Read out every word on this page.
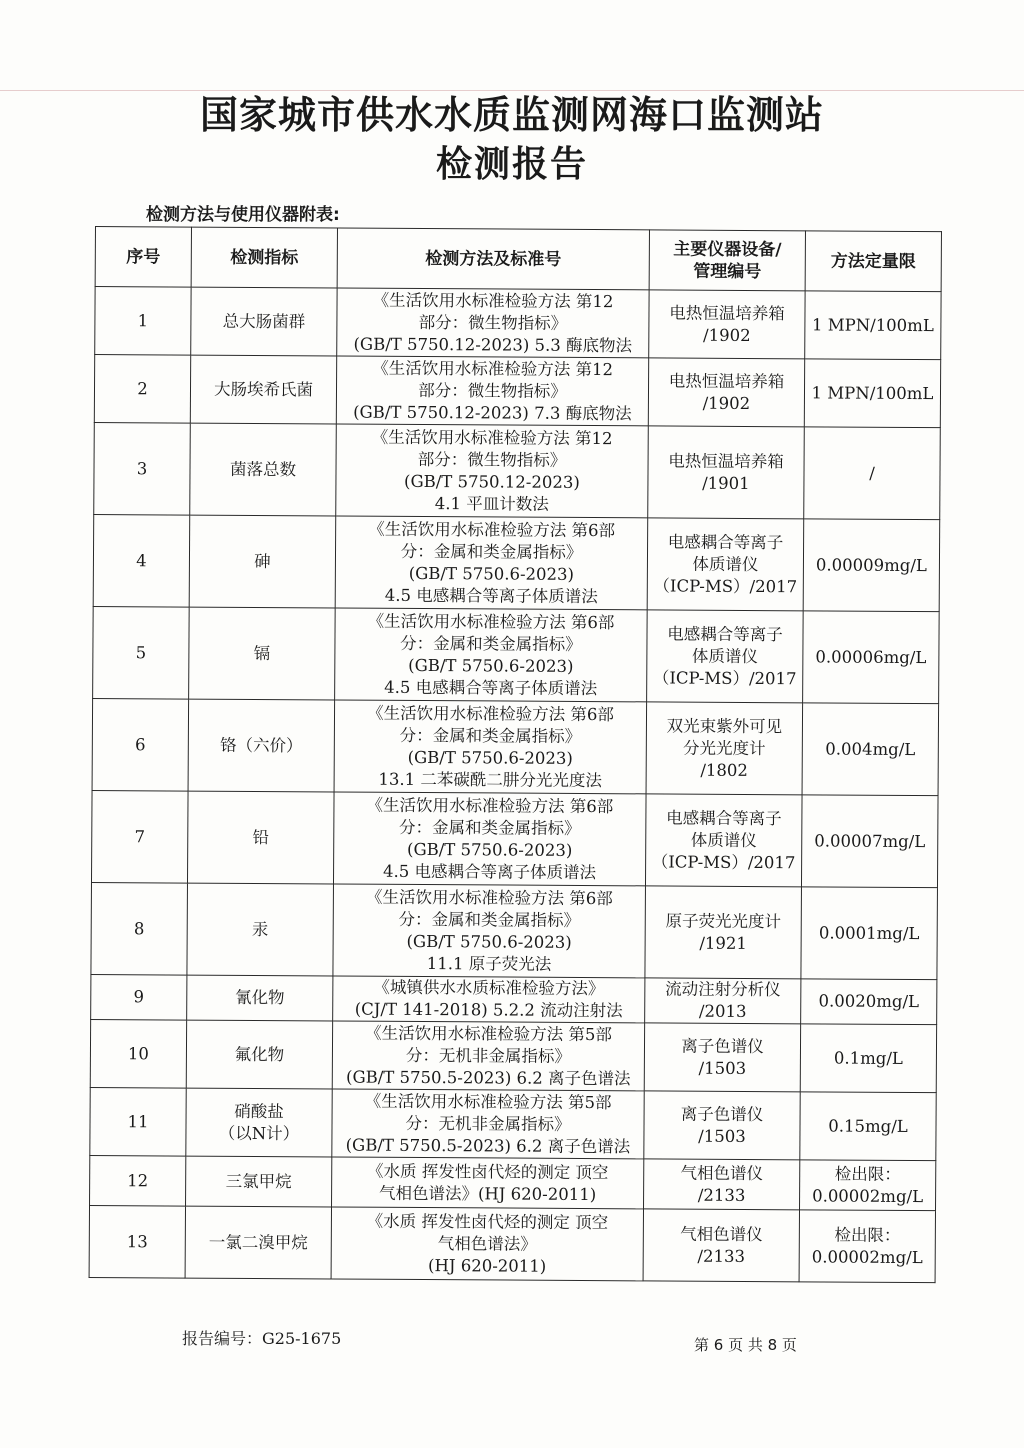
国家城市供水水质监测网海口监测站
检测报告
检测方法与使用仪器附表:
序号	检测指标	检测方法及标准号	主要仪器设备/
管理编号	方法定量限
1	总大肠菌群	《生活饮用水标准检验方法 第12
部分：微生物指标》
(GB/T 5750.12-2023) 5.3 酶底物法	电热恒温培养箱
/1902	1 MPN/100mL

2	大肠埃希氏菌	《生活饮用水标准检验方法 第12
部分：微生物指标》
(GB/T 5750.12-2023) 7.3 酶底物法	电热恒温培养箱
/1902	1 MPN/100mL

3	菌落总数	《生活饮用水标准检验方法 第12
部分：微生物指标》
(GB/T 5750.12-2023)
4.1 平皿计数法	电热恒温培养箱
/1901	/

4	砷	《生活饮用水标准检验方法 第6部
分：金属和类金属指标》
(GB/T 5750.6-2023)
4.5 电感耦合等离子体质谱法	电感耦合等离子
体质谱仪
（ICP-MS）/2017	0.00009mg/L

5	镉	《生活饮用水标准检验方法 第6部
分：金属和类金属指标》
(GB/T 5750.6-2023)
4.5 电感耦合等离子体质谱法	电感耦合等离子
体质谱仪
（ICP-MS）/2017	0.00006mg/L

6	铬（六价）	《生活饮用水标准检验方法 第6部
分：金属和类金属指标》
(GB/T 5750.6-2023)
13.1 二苯碳酰二肼分光光度法	双光束紫外可见
分光光度计
/1802	0.004mg/L

7	铅	《生活饮用水标准检验方法 第6部
分：金属和类金属指标》
(GB/T 5750.6-2023)
4.5 电感耦合等离子体质谱法	电感耦合等离子
体质谱仪
（ICP-MS）/2017	0.00007mg/L

8	汞	《生活饮用水标准检验方法 第6部
分：金属和类金属指标》
(GB/T 5750.6-2023)
11.1 原子荧光法	原子荧光光度计
/1921	0.0001mg/L

9	氰化物	《城镇供水水质标准检验方法》
(CJ/T 141-2018) 5.2.2 流动注射法	流动注射分析仪
/2013	0.0020mg/L

10	氟化物	《生活饮用水标准检验方法 第5部
分：无机非金属指标》
(GB/T 5750.5-2023) 6.2 离子色谱法	离子色谱仪
/1503	0.1mg/L

11	硝酸盐
（以N计）	《生活饮用水标准检验方法 第5部
分：无机非金属指标》
(GB/T 5750.5-2023) 6.2 离子色谱法	离子色谱仪
/1503	0.15mg/L

12	三氯甲烷	《水质 挥发性卤代烃的测定 顶空
气相色谱法》(HJ 620-2011)	气相色谱仪
/2133	检出限：
0.00002mg/L

13	一氯二溴甲烷	《水质 挥发性卤代烃的测定 顶空
气相色谱法》
(HJ 620-2011)	气相色谱仪
/2133	检出限：
0.00002mg/L
报告编号：G25-1675	第 6 页 共 8 页
